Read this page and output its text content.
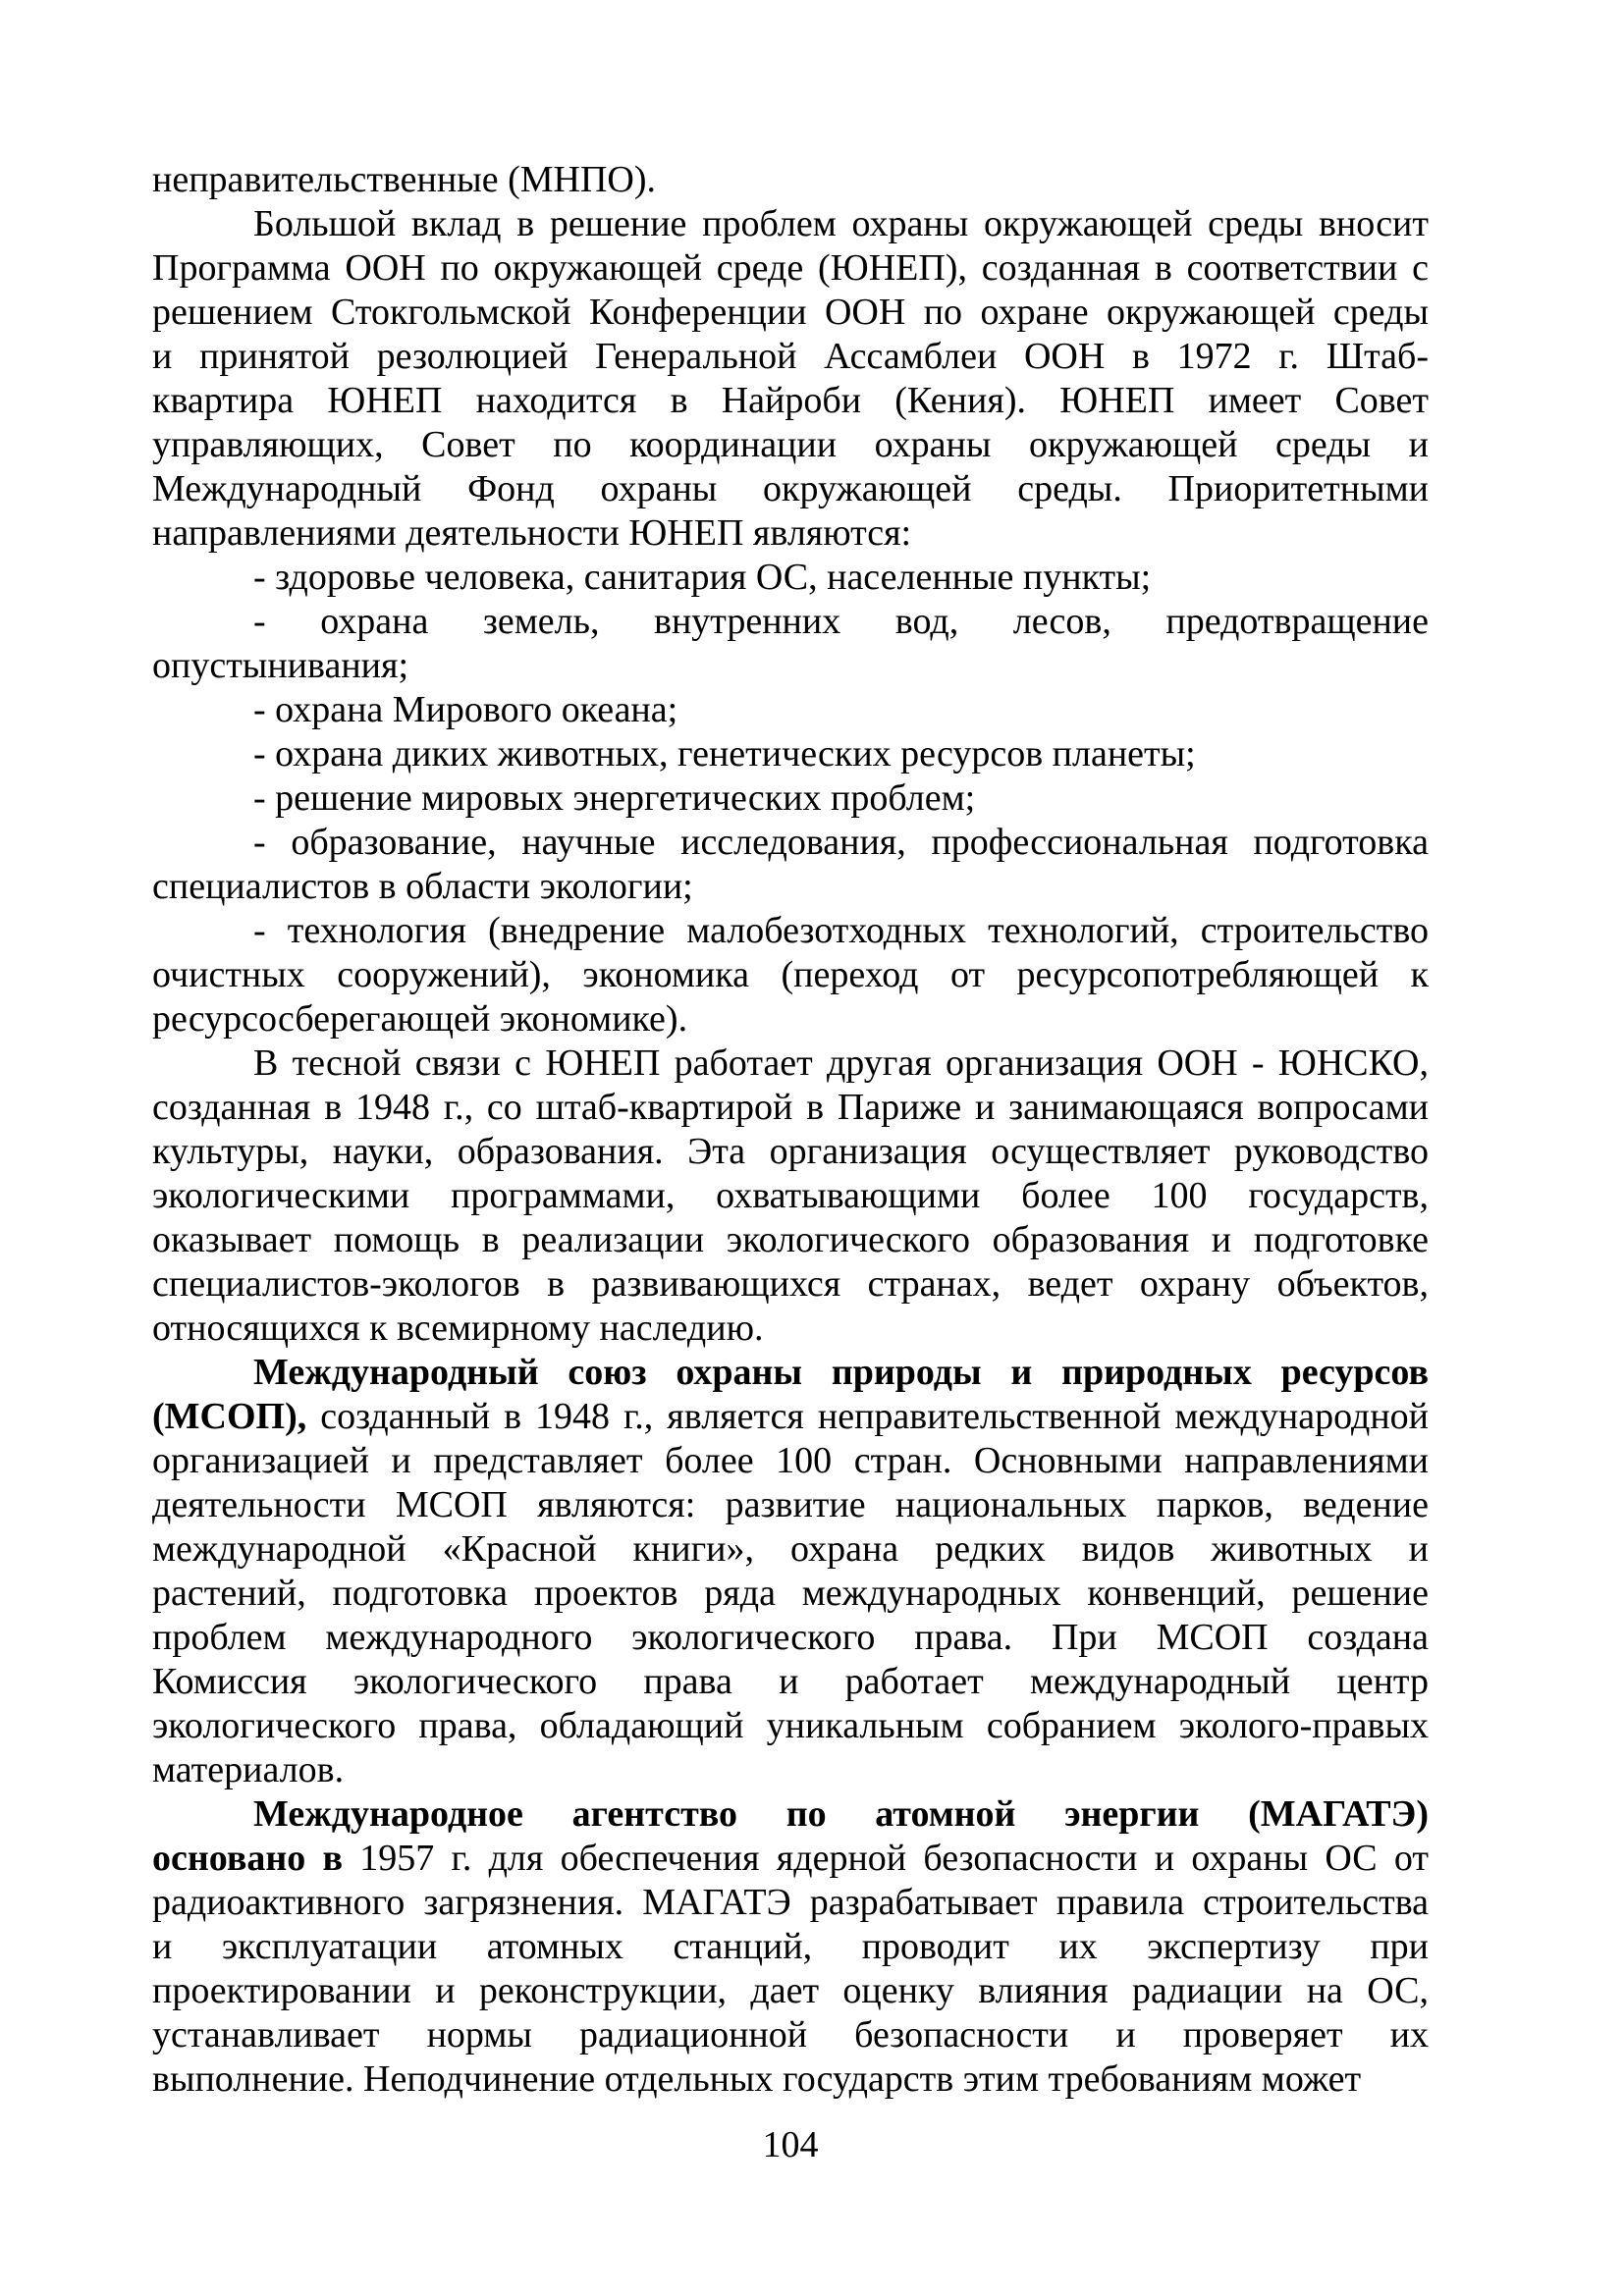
неправительственные (МНПО).
Большой вклад в решение проблем охраны окружающей среды вносит
Программа ООН по окружающей среде (ЮНЕП), созданная в соответствии с
решением Стокгольмской Конференции ООН по охране окружающей среды
и принятой резолюцией Генеральной Ассамблеи ООН в 1972 г. Штаб-
квартира ЮНЕП находится в Найроби (Кения). ЮНЕП имеет Совет
управляющих, Совет по координации охраны окружающей среды и
Международный Фонд охраны окружающей среды. Приоритетными
направлениями деятельности ЮНЕП являются:
- здоровье человека, санитария ОС, населенные пункты;
- охрана земель, внутренних вод, лесов, предотвращение
опустынивания;
- охрана Мирового океана;
- охрана диких животных, генетических ресурсов планеты;
- решение мировых энергетических проблем;
- образование, научные исследования, профессиональная подготовка
специалистов в области экологии;
- технология (внедрение малобезотходных технологий, строительство
очистных сооружений), экономика (переход от ресурсопотребляющей к
ресурсосберегающей экономике).
В тесной связи с ЮНЕП работает другая организация ООН - ЮНСКО,
созданная в 1948 г., со штаб-квартирой в Париже и занимающаяся вопросами
культуры, науки, образования. Эта организация осуществляет руководство
экологическими программами, охватывающими более 100 государств,
оказывает помощь в реализации экологического образования и подготовке
специалистов-экологов в развивающихся странах, ведет охрану объектов,
относящихся к всемирному наследию.
Международный союз охраны природы и природных ресурсов
(МСОП), созданный в 1948 г., является неправительственной международной
организацией и представляет более 100 стран. Основными направлениями
деятельности МСОП являются: развитие национальных парков, ведение
международной «Красной книги», охрана редких видов животных и
растений, подготовка проектов ряда международных конвенций, решение
проблем международного экологического права. При МСОП создана
Комиссия экологического права и работает международный центр
экологического права, обладающий уникальным собранием эколого-правых
материалов.
Международное агентство по атомной энергии (МАГАТЭ)
основано в 1957 г. для обеспечения ядерной безопасности и охраны ОС от
радиоактивного загрязнения. МАГАТЭ разрабатывает правила строительства
и эксплуатации атомных станций, проводит их экспертизу при
проектировании и реконструкции, дает оценку влияния радиации на ОС,
устанавливает нормы радиационной безопасности и проверяет их
выполнение. Неподчинение отдельных государств этим требованиям может
104
